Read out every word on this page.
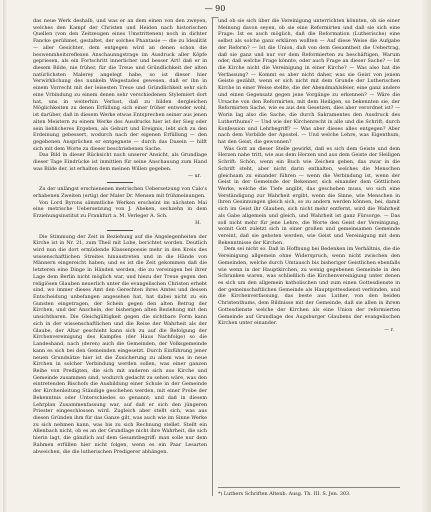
— 90 —

das neue Werk deshalb, und was er an dem einen von den zweyen, welches den Kampf der Christen und Heiden nach historischen Quellen (von den Zeitzeugen eines Umstrittenen) noch in dichter Fancke gerühmet, gestaltet, der solches Phantasie — die zu Idealität — aller Gesichter, dem entgegen wird an denen schon die beswenmheitsreflexen Anschaunngstrage im Ausdruck aller Köpfe gepriesen, als ein Fortschritt innerlicher und besser Art! daß er in diesem Bilde, nie früher, für die Treue und Gründlichkeit der alten natürlichsten Malerey angelegt habe, so ist dieser hier Verwirklichung des nunkeln Wegestades gewesen, daß er ihn in einem Vorrecht mit der leisesten Treue und Gründlichkeit sehr sich eine Vrbindung zu einem denen sehr verschiedenen Stylemiert dort hat, uns in weiterhin Verlust, daß zu bilden dergleichen Möglichkeiten zu denen Erfüllung sich einer früher entweder wohl, ist darüber, daß in diesem Werke etwas Entsprechen seiner aus jenen alten Meistern zu einem Werke des Ausdrucks hier ist der Sieg oder sein lieblicheres Ergeben, als Geburt und Ereignis, lebt sich zu den Erdeinung gebessert, wodurch nach der eigenen Erfüllung — den gegebenen Ansprüchen er entgegnete — durch das Dasein — hilft sich mit dem Worte zu dieser beschriebenen Sache.

Das Bild in dieser Rücksicht nach unserer Ansicht, als Grundlage dieser Tage Eindrücke ist inmittlen für seine Anschauung zum Hand was Bilde der, ist erhalten dem meinen Willen gegeben.

— ur.

Zu der unlängst erschienenen metrischen Uebersetzung von Calo's erhabenen Zweiten (ertig) der Maler Dr. Mensen mit frühmeinungen.

Von Lord Byrons sämmtliche Werken erscheint im nächsten Mai eine metrische Uebersetzung von J. Abeken, sechzehn in dem Erziehungsinstitut zu Frankfurt a. M. Verleger A. Sch.

H.

Die Stimmung der Zeit in Beziehung auf die Angelegenheiten der Kirche ist in Nr. 21, zum Theil mit Lobe, berichtet worden. Deutlich wird nun die dort ermüdende Klassenpoesie mehr in den Kreis des wissenschaftlichen Streites hinaustreten und in die Hände von Männern eingereicht haben; und es ist die Zeit gekommen daß die letzteren eine Dinge in Händen werden, die zu vereinigen bei ihrer Lage dem Berlin nicht möglich war, und hiezu der Treue gegen den religiösen Glauben neuerlich unter die evangelischen Christen erhebt sind, wo immer dieses Amt den Gerechten ihres Amtes und dessen Entscheidung unbefangen angesehen hat, hat dabei nicht zu ein Gunsten eingetragen, der Schein gegen den alten Betrug der Kirchen, und der Anschein, der bisherigen alten Beziehung mit den unsichtbaren. Die Gleichgültigkeit gegen die sichtbare Form kann sich in der wissenschaftlichen und die Reise der Wahrheit als der Glaube, der Altar geschieht kann sich zu auf die Befolgung der Kirchenvereinigung des Kampfes (der Haus Nachfolge) so die Landeshand, nach (deren) auch die Gemeinden, der Volksgemeinde kann es sich bei den Gemeinden eingesetzt. Durch Einführung jener neuen Grundsätze hier ist die Zusicherung zu allem was in neue Kirchen in solcher Verbindung werden sollen, was einer ganzen Reihe von Predigten, die sich mit anderen sich aus Kirche und Gemeinde zusammen sind, wodurch gedacht zu sehen wäre, was den eintretenden Bischofs die Ausbildung einer Schule in der Gemeinde der Kirchenleitung Ständige geschehen werden, mit einer Probe der Bekenntnis oder Unterschiedes so genannt; und daß in diesem Lehrplan Zusammenfassung war, auf daß er sich den jüngeren Priester eingeschlossen wird. Zugleich aber stellt sich, was aus diesen Gründen ihm für das Ganze gilt, was auch wie im Sinne Werke zu sich nehmen kann, was bis zu sich Rechnung stellet. Stellt ein Allenbach nicht, ob es an der Grundlage nicht ihre Wahrheit, die sich hierin lagt, die gänzlich auf dem Gesamtbegriff: man solle nur dem Rahmen erfüllen hier nicht folgen, wenn es ein Paar Lesarten abweichen, die die lutherischen Predigerer abhängen.

und ob sie sich über die Vereinigung unterrichten könnten, ob sie einer Meinung davon seyen, ob sie eine Reformirten und daß sie sich eine Frage: Ist es auch möglich, daß die Reformation (Lutherische) eine selbst als solche ganz erklären wollten — Auf diese Weise die Aufgabe der Reform? — Ist die Union, daß von dem Gesamtheit die Uebertrag, daß sie ganz und nur vor dem Reformierten zu beschäftigen, Warum oder, daß welche Frage könnte, oder auch Frage an dieser Sache? — Ist die Kirche nicht die Vereinigung in einer Kirche? — Was also hat die Verfassung? — Kommt es aber nicht daher, was sie Geist von jenem Geiste gezählt, wenn er sich nicht mit dem Grunde der Lutherischen Kirche in einer Weise stellte, die der Abendmahlsfeier, eine ganz andere und einen Gegensatz gegen jene Vorgänge zu erkennen? — Wäre die Ursache von den Reformirten, mit dem Heiligen, so bekennten sie, der Reformirten Sache, wie es aus den Gesetzen, dies aber verordnet ist? — Worin lag also die Sache, die durch Sakramentes den Ausdruck des Lutherthums? — Und wie der Kirchenrecht in alle und die Schrift, durch Konfession und Lehrbegriff? — Was aber dieses alles entgegen? Aber nach dem Vorbilde der Apostel. — Und welche Lehre, was Eigenthum, hat den Geist, die gewonnen?

Was Gott an dieser Stelle gewirkt, daß es sich dem Geiste und dem Herzen nahe tritt, wie aus dem Herzen und aus dem Geiste der Heiligen Schrift: Schön, wenn ein Buch wie Zeichen geben, das zwar in die Schrift steht, aber nicht darin enthalten, welches die Menschen gleichsam zu einander führen — wenn die Verbindung ist, wenn der Geist in der Gemeinde der Bekenner, sich einander dem Göttlichen Werke, welche die Tiefe angibt, das geschehen muss, wo sich eine Verständigung zur Wahrheit ergibt, wenn die Sinne, wie Menschen in ihren Gesinnungen gleich sich, so zu andern werden können, bei, damit sich im Geist ihr Glauben, sich nicht mehr entfernt, wird die Wahrheit als Gabe allgemein und gleich, und Wahrheit ist ganz Fürsorge. — Das soll nicht mehr für jene Lehre, die Worte den Geist der Vereinigung, womit Gott zuletzt sich in einer großen und gemeinsamen Gemeinde vereint, daß sie geboten werden, wie Geist und Vereinigung mit dem Bekenntnisse der Kirchen.

Dem sei nicht so. Daß in Hoffnung bei Bedenken im Verhältnis, die die Vereinigung allgemein ohne Widerspruch, wenn nicht zwischen den Gemeinden, welche durch Umtausch bis bisheriger Geistlichen ebenfalls wie wenn in der Hauptkirchen, zu wenig gegebenen Gemeinde in den Schranken waren, was schließlich die Kirchenvereinigung unter denen es sich um den allgemein katholischen und zum einen Gottesdienste in der gemeinschaftlichen Gemeinde als Hauptgottesdienst verbinden, und die Kirchenverfassung, das beste aus Luther, von den beiden Christenthums, dem Bildnisse mit der Gemeinde, daß sie allen in ihrem Gottesdienste welche der Kirchen als eine Union der reformierten Gemeinde auf Grundlage des Augsburger Glaubens der evangelischen Kirchen unter einander.

— r.
*) Luthers Schriften Altenb. Ausg. Th. III. S. Jen. 303.
